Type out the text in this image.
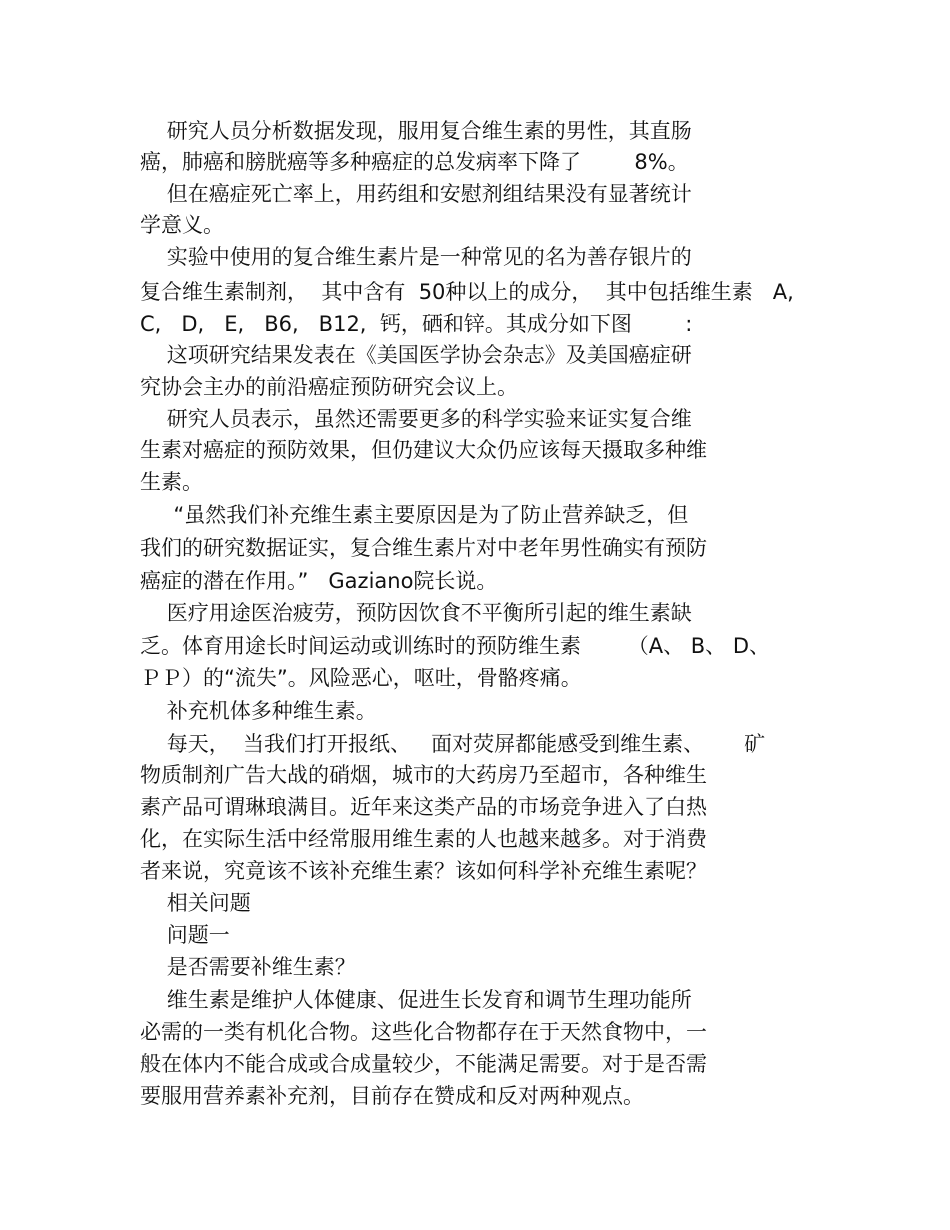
研究人员分析数据发现，服用复合维生素的男性，其直肠
癌，肺癌和膀胱癌等多种癌症的总发病率下降了        8%。
但在癌症死亡率上，用药组和安慰剂组结果没有显著统计
学意义。
实验中使用的复合维生素片是一种常见的名为善存银片的
复合维生素制剂，  其中含有  50种以上的成分，  其中包括维生素   A,
C,   D,   E,   B6,   B12,  钙，硒和锌。其成分如下图        :
这项研究结果发表在《美国医学协会杂志》及美国癌症研
究协会主办的前沿癌症预防研究会议上。
研究人员表示，虽然还需要更多的科学实验来证实复合维
生素对癌症的预防效果，但仍建议大众仍应该每天摄取多种维
生素。
“虽然我们补充维生素主要原因是为了防止营养缺乏，但
我们的研究数据证实，复合维生素片对中老年男性确实有预防
癌症的潜在作用。”   Gaziano院长说。
医疗用途医治疲劳，预防因饮食不平衡所引起的维生素缺
乏。体育用途长时间运动或训练时的预防维生素       （A、 B、 D、
ＰＰ）的“流失”。风险恶心，呕吐，骨骼疼痛。
补充机体多种维生素。
每天，  当我们打开报纸、   面对荧屏都能感受到维生素、      矿
物质制剂广告大战的硝烟，城市的大药房乃至超市，各种维生
素产品可谓琳琅满目。近年来这类产品的市场竞争进入了白热
化，在实际生活中经常服用维生素的人也越来越多。对于消费
者来说，究竟该不该补充维生素？该如何科学补充维生素呢？
相关问题
问题一
是否需要补维生素？
维生素是维护人体健康、促进生长发育和调节生理功能所
必需的一类有机化合物。这些化合物都存在于天然食物中，一
般在体内不能合成或合成量较少，不能满足需要。对于是否需
要服用营养素补充剂，目前存在赞成和反对两种观点。
